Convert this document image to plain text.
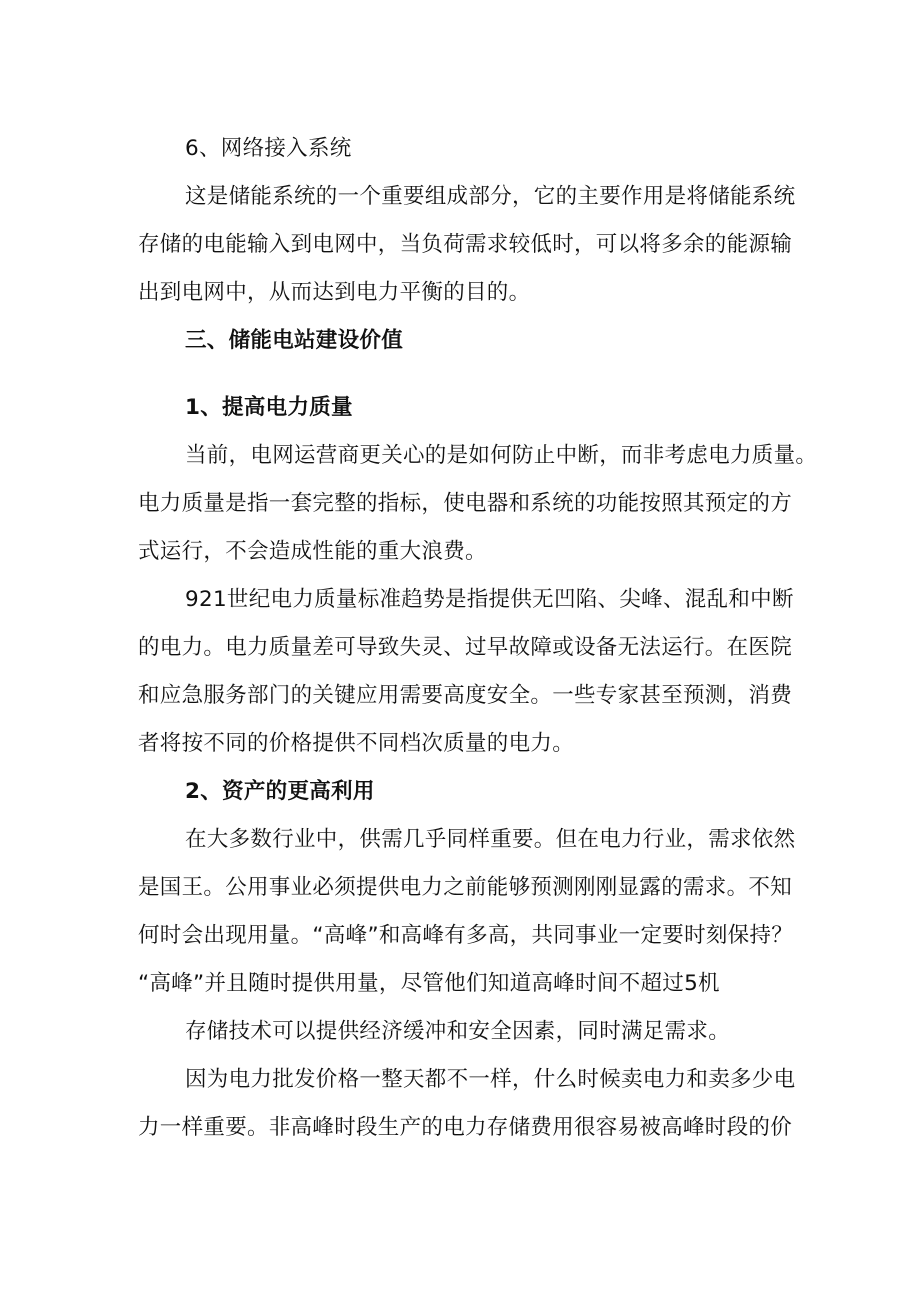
6、网络接入系统
这是储能系统的一个重要组成部分，它的主要作用是将储能系统
存储的电能输入到电网中，当负荷需求较低时，可以将多余的能源输
出到电网中，从而达到电力平衡的目的。
三、储能电站建设价值
1、提高电力质量
当前，电网运营商更关心的是如何防止中断，而非考虑电力质量。
电力质量是指一套完整的指标，使电器和系统的功能按照其预定的方
式运行，不会造成性能的重大浪费。
921世纪电力质量标准趋势是指提供无凹陷、尖峰、混乱和中断
的电力。电力质量差可导致失灵、过早故障或设备无法运行。在医院
和应急服务部门的关键应用需要高度安全。一些专家甚至预测，消费
者将按不同的价格提供不同档次质量的电力。
2、资产的更高利用
在大多数行业中，供需几乎同样重要。但在电力行业，需求依然
是国王。公用事业必须提供电力之前能够预测刚刚显露的需求。不知
何时会出现用量。“高峰”和高峰有多高，共同事业一定要时刻保持？
“高峰”并且随时提供用量，尽管他们知道高峰时间不超过5机
存储技术可以提供经济缓冲和安全因素，同时满足需求。
因为电力批发价格一整天都不一样，什么时候卖电力和卖多少电
力一样重要。非高峰时段生产的电力存储费用很容易被高峰时段的价
